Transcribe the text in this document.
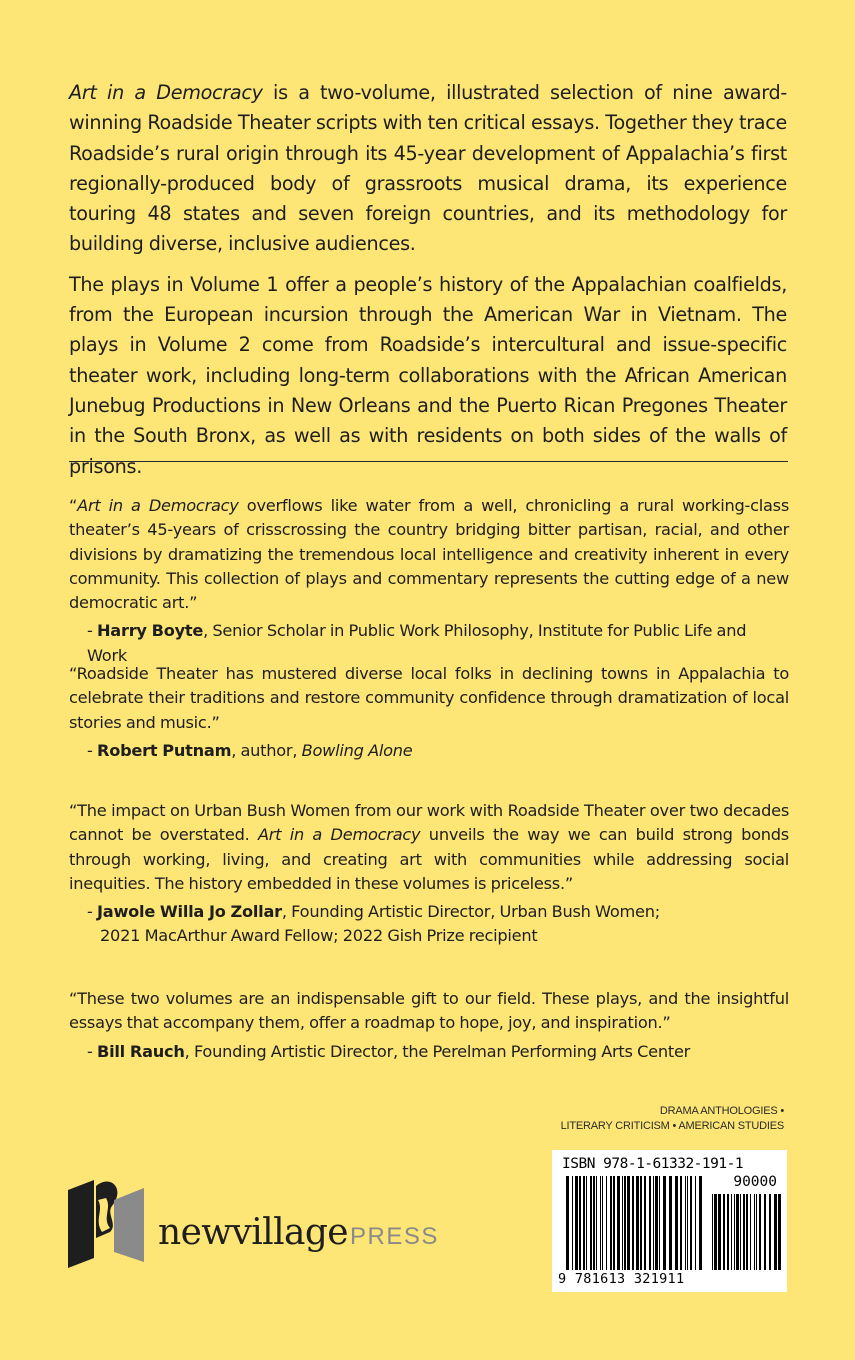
Art in a Democracy is a two-volume, illustrated selection of nine award-winning Roadside Theater scripts with ten critical essays. Together they trace Roadside’s rural origin through its 45-year development of Appalachia’s first regionally-produced body of grassroots musical drama, its experience touring 48 states and seven foreign countries, and its methodology for building diverse, inclusive audiences.

The plays in Volume 1 offer a people’s history of the Appalachian coalfields, from the European incursion through the American War in Vietnam. The plays in Volume 2 come from Roadside’s intercultural and issue-specific theater work, including long-term collaborations with the African American Junebug Productions in New Orleans and the Puerto Rican Pregones Theater in the South Bronx, as well as with residents on both sides of the walls of prisons.

“Art in a Democracy overflows like water from a well, chronicling a rural working-class theater’s 45-years of crisscrossing the country bridging bitter partisan, racial, and other divisions by dramatizing the tremendous local intelligence and creativity inherent in every community. This collection of plays and commentary represents the cutting edge of a new democratic art.”

- Harry Boyte, Senior Scholar in Public Work Philosophy, Institute for Public Life and Work

“Roadside Theater has mustered diverse local folks in declining towns in Appalachia to celebrate their traditions and restore community confidence through dramatization of local stories and music.”

- Robert Putnam, author, Bowling Alone

“The impact on Urban Bush Women from our work with Roadside Theater over two decades cannot be overstated. Art in a Democracy unveils the way we can build strong bonds through working, living, and creating art with communities while addressing social inequities. The history embedded in these volumes is priceless.”

- Jawole Willa Jo Zollar, Founding Artistic Director, Urban Bush Women;

2021 MacArthur Award Fellow; 2022 Gish Prize recipient

“These two volumes are an indispensable gift to our field. These plays, and the insightful essays that accompany them, offer a roadmap to hope, joy, and inspiration.”

- Bill Rauch, Founding Artistic Director, the Perelman Performing Arts Center

DRAMA ANTHOLOGIES •
LITERARY CRITICISM • AMERICAN STUDIES
ISBN 978-1-61332-191-1
90000
9 781613 321911
newvillagePRESS
